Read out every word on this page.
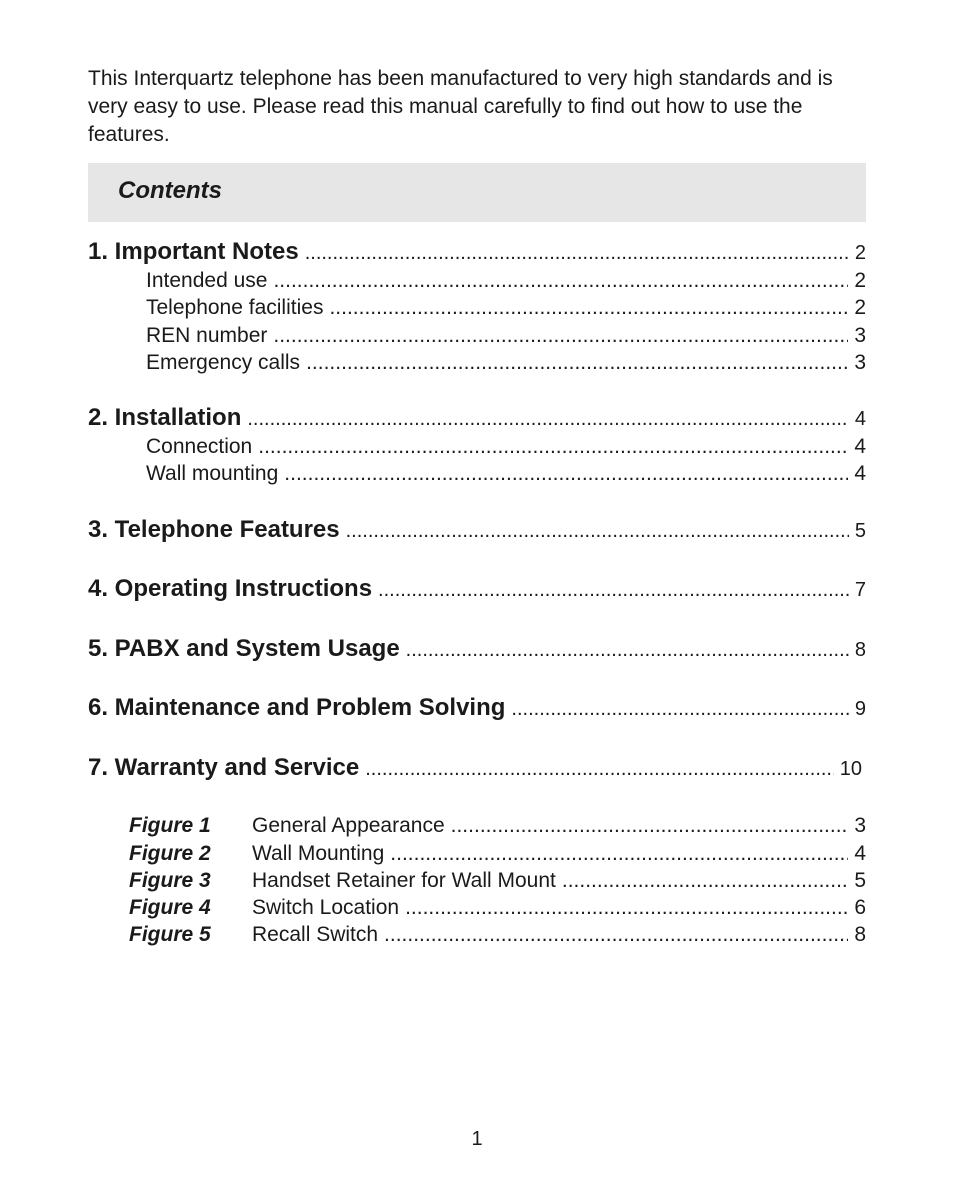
This Interquartz telephone has been manufactured to very high standards and is very easy to use. Please read this manual carefully to find out how to use the features.

Contents
1. Important Notes .....	2
Intended use .....	2
Telephone facilities .....	2
REN number .....	3
Emergency calls .....	3
2. Installation .....	4
Connection .....	4
Wall mounting .....	4
3. Telephone Features .....	5
4. Operating Instructions .....	7
5. PABX and System Usage .....	8
6. Maintenance and Problem Solving .....	9
7. Warranty and Service .....	10
Figure 1	General Appearance .....	3
Figure 2	Wall Mounting .....	4
Figure 3	Handset Retainer for Wall Mount .....	5
Figure 4	Switch Location .....	6
Figure 5	Recall Switch .....	8
1
